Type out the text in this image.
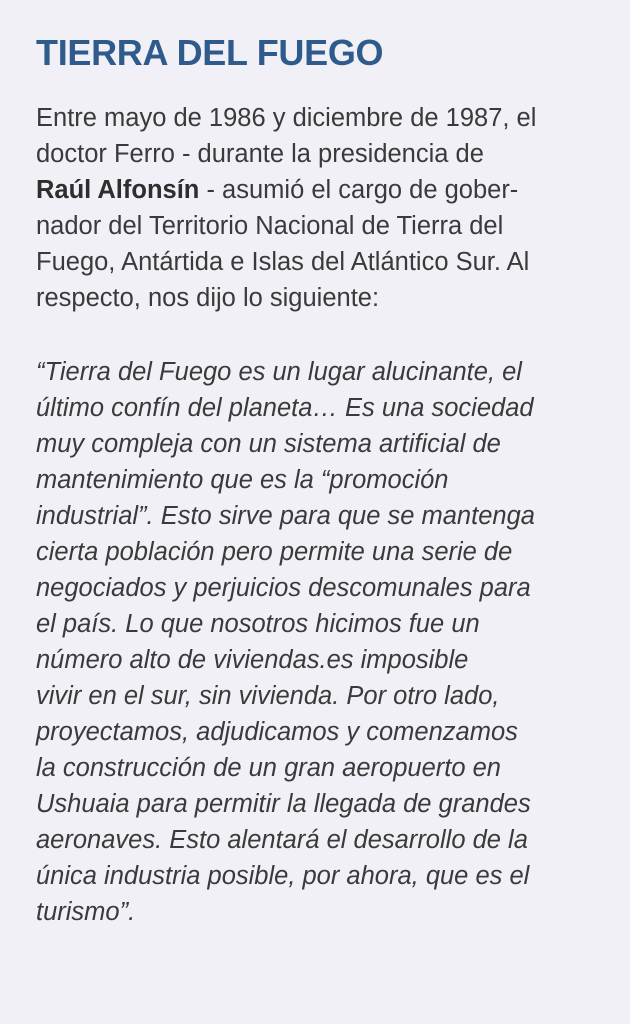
TIERRA DEL FUEGO

Entre mayo de 1986 y diciembre de 1987, el
doctor Ferro - durante la presidencia de
Raúl Alfonsín - asumió el cargo de gober-
nador del Territorio Nacional de Tierra del
Fuego, Antártida e Islas del Atlántico Sur. Al
respecto, nos dijo lo siguiente:

“Tierra del Fuego es un lugar alucinante, el
último confín del planeta… Es una sociedad
muy compleja con un sistema artificial de
mantenimiento que es la “promoción
industrial”. Esto sirve para que se mantenga
cierta población pero permite una serie de
negociados y perjuicios descomunales para
el país. Lo que nosotros hicimos fue un
número alto de viviendas.es imposible
vivir en el sur, sin vivienda. Por otro lado,
proyectamos, adjudicamos y comenzamos
la construcción de un gran aeropuerto en
Ushuaia para permitir la llegada de grandes
aeronaves. Esto alentará el desarrollo de la
única industria posible, por ahora, que es el
turismo”.
